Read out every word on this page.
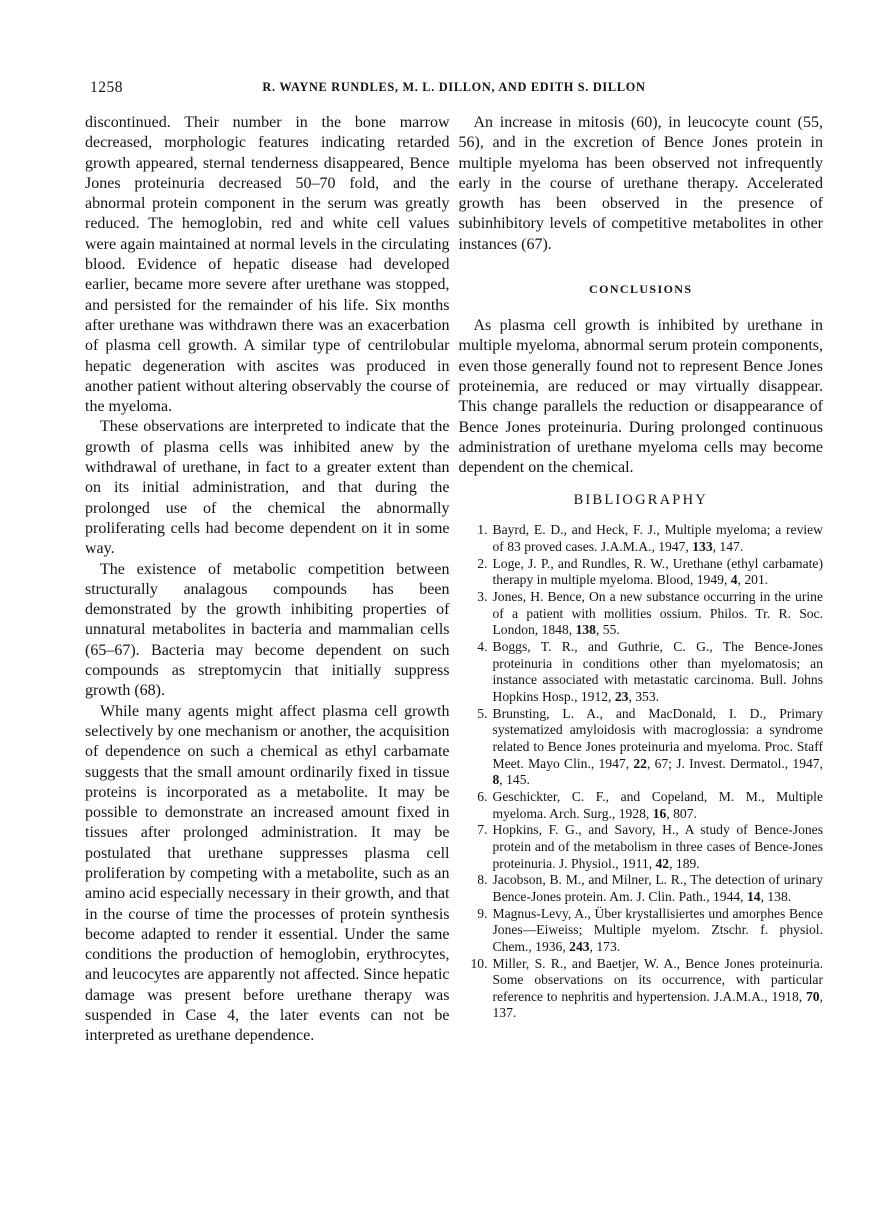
1258	R. WAYNE RUNDLES, M. L. DILLON, AND EDITH S. DILLON

discontinued. Their number in the bone marrow decreased, morphologic features indicating retarded growth appeared, sternal tenderness disappeared, Bence Jones proteinuria decreased 50–70 fold, and the abnormal protein component in the serum was greatly reduced. The hemoglobin, red and white cell values were again maintained at normal levels in the circulating blood. Evidence of hepatic disease had developed earlier, became more severe after urethane was stopped, and persisted for the remainder of his life. Six months after urethane was withdrawn there was an exacerbation of plasma cell growth. A similar type of centrilobular hepatic degeneration with ascites was produced in another patient without altering observably the course of the myeloma.

These observations are interpreted to indicate that the growth of plasma cells was inhibited anew by the withdrawal of urethane, in fact to a greater extent than on its initial administration, and that during the prolonged use of the chemical the abnormally proliferating cells had become dependent on it in some way.

The existence of metabolic competition between structurally analagous compounds has been demonstrated by the growth inhibiting properties of unnatural metabolites in bacteria and mammalian cells (65–67). Bacteria may become dependent on such compounds as streptomycin that initially suppress growth (68).

While many agents might affect plasma cell growth selectively by one mechanism or another, the acquisition of dependence on such a chemical as ethyl carbamate suggests that the small amount ordinarily fixed in tissue proteins is incorporated as a metabolite. It may be possible to demonstrate an increased amount fixed in tissues after prolonged administration. It may be postulated that urethane suppresses plasma cell proliferation by competing with a metabolite, such as an amino acid especially necessary in their growth, and that in the course of time the processes of protein synthesis become adapted to render it essential. Under the same conditions the production of hemoglobin, erythrocytes, and leucocytes are apparently not affected. Since hepatic damage was present before urethane therapy was suspended in Case 4, the later events can not be interpreted as urethane dependence.

An increase in mitosis (60), in leucocyte count (55, 56), and in the excretion of Bence Jones protein in multiple myeloma has been observed not infrequently early in the course of urethane therapy. Accelerated growth has been observed in the presence of subinhibitory levels of competitive metabolites in other instances (67).

CONCLUSIONS

As plasma cell growth is inhibited by urethane in multiple myeloma, abnormal serum protein components, even those generally found not to represent Bence Jones proteinemia, are reduced or may virtually disappear. This change parallels the reduction or disappearance of Bence Jones proteinuria. During prolonged continuous administration of urethane myeloma cells may become dependent on the chemical.

BIBLIOGRAPHY
1. Bayrd, E. D., and Heck, F. J., Multiple myeloma; a review of 83 proved cases. J.A.M.A., 1947, 133, 147.
2. Loge, J. P., and Rundles, R. W., Urethane (ethyl carbamate) therapy in multiple myeloma. Blood, 1949, 4, 201.
3. Jones, H. Bence, On a new substance occurring in the urine of a patient with mollities ossium. Philos. Tr. R. Soc. London, 1848, 138, 55.
4. Boggs, T. R., and Guthrie, C. G., The Bence-Jones proteinuria in conditions other than myelomatosis; an instance associated with metastatic carcinoma. Bull. Johns Hopkins Hosp., 1912, 23, 353.
5. Brunsting, L. A., and MacDonald, I. D., Primary systematized amyloidosis with macroglossia: a syndrome related to Bence Jones proteinuria and myeloma. Proc. Staff Meet. Mayo Clin., 1947, 22, 67; J. Invest. Dermatol., 1947, 8, 145.
6. Geschickter, C. F., and Copeland, M. M., Multiple myeloma. Arch. Surg., 1928, 16, 807.
7. Hopkins, F. G., and Savory, H., A study of Bence-Jones protein and of the metabolism in three cases of Bence-Jones proteinuria. J. Physiol., 1911, 42, 189.
8. Jacobson, B. M., and Milner, L. R., The detection of urinary Bence-Jones protein. Am. J. Clin. Path., 1944, 14, 138.
9. Magnus-Levy, A., Über krystallisiertes und amorphes Bence Jones—Eiweiss; Multiple myelom. Ztschr. f. physiol. Chem., 1936, 243, 173.
10. Miller, S. R., and Baetjer, W. A., Bence Jones proteinuria. Some observations on its occurrence, with particular reference to nephritis and hypertension. J.A.M.A., 1918, 70, 137.
